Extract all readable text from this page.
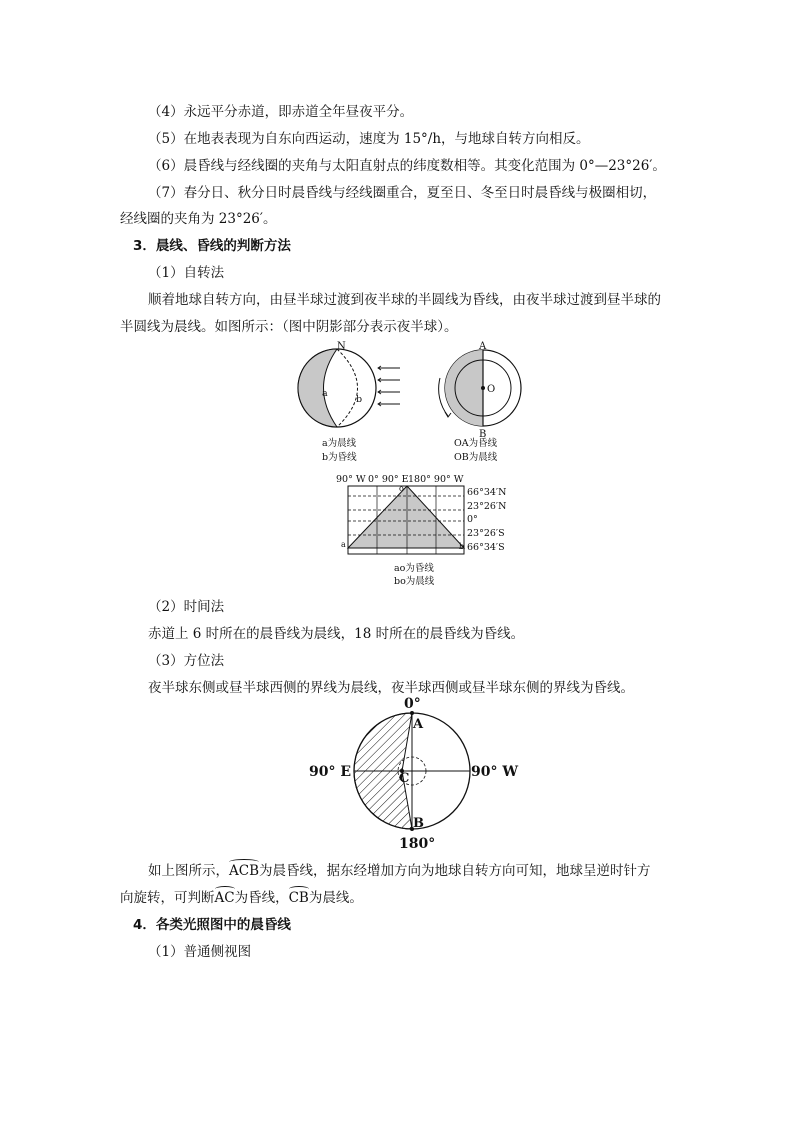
（4）永远平分赤道，即赤道全年昼夜平分。
（5）在地表表现为自东向西运动，速度为 15°/h，与地球自转方向相反。
（6）晨昏线与经线圈的夹角与太阳直射点的纬度数相等。其变化范围为 0°—23°26′。
（7）春分日、秋分日时晨昏线与经线圈重合，夏至日、冬至日时晨昏线与极圈相切，
经线圈的夹角为 23°26′。
3．晨线、昏线的判断方法
（1）自转法
顺着地球自转方向，由昼半球过渡到夜半球的半圆线为昏线，由夜半球过渡到昼半球的
半圆线为晨线。如图所示：（图中阴影部分表示夜半球）。
N
a
b
a为晨线
b为昏线
A
O
B
OA为昏线
OB为晨线
90° W 0° 90° E 180° 90° W
66°34′N
23°26′N
0°
23°26′S
66°34′S
o
a	b
ao为昏线
bo为晨线
（2）时间法
赤道上 6 时所在的晨昏线为晨线，18 时所在的晨昏线为昏线。
（3）方位法
夜半球东侧或昼半球西侧的界线为晨线，夜半球西侧或昼半球东侧的界线为昏线。
0°
A
90° E	90° W
C
B
180°
如上图所示，ACB为晨昏线，据东经增加方向为地球自转方向可知，地球呈逆时针方
向旋转，可判断AC为昏线，CB为晨线。
4．各类光照图中的晨昏线
（1）普通侧视图
